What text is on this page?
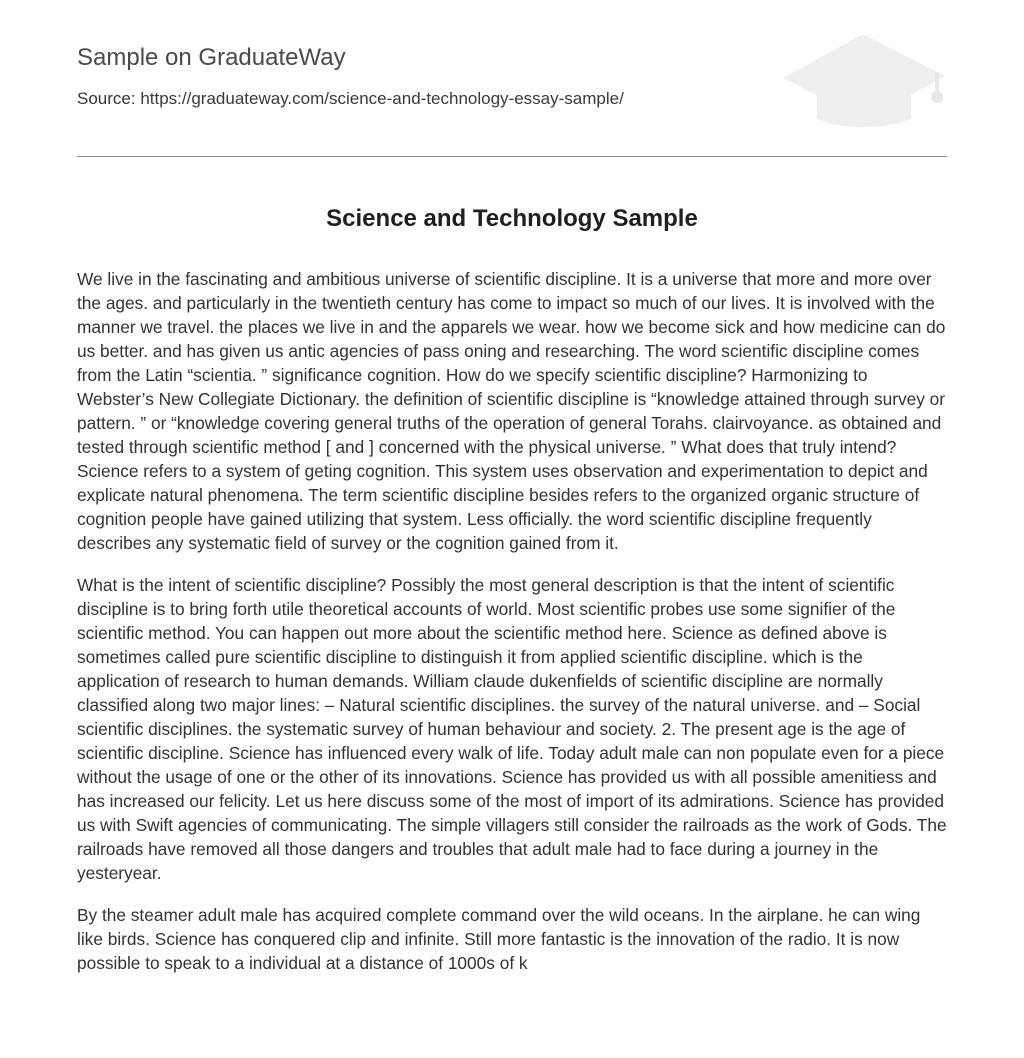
Sample on GraduateWay
Source: https://graduateway.com/science-and-technology-essay-sample/
Science and Technology Sample

We live in the fascinating and ambitious universe of scientific discipline. It is a universe that more and more over the ages. and particularly in the twentieth century has come to impact so much of our lives. It is involved with the manner we travel. the places we live in and the apparels we wear. how we become sick and how medicine can do us better. and has given us antic agencies of pass oning and researching. The word scientific discipline comes from the Latin “scientia. ” significance cognition. How do we specify scientific discipline? Harmonizing to Webster’s New Collegiate Dictionary. the definition of scientific discipline is “knowledge attained through survey or pattern. ” or “knowledge covering general truths of the operation of general Torahs. clairvoyance. as obtained and tested through scientific method [ and ] concerned with the physical universe. ” What does that truly intend? Science refers to a system of geting cognition. This system uses observation and experimentation to depict and explicate natural phenomena. The term scientific discipline besides refers to the organized organic structure of cognition people have gained utilizing that system. Less officially. the word scientific discipline frequently describes any systematic field of survey or the cognition gained from it.

What is the intent of scientific discipline? Possibly the most general description is that the intent of scientific discipline is to bring forth utile theoretical accounts of world. Most scientific probes use some signifier of the scientific method. You can happen out more about the scientific method here. Science as defined above is sometimes called pure scientific discipline to distinguish it from applied scientific discipline. which is the application of research to human demands. William claude dukenfields of scientific discipline are normally classified along two major lines: – Natural scientific disciplines. the survey of the natural universe. and – Social scientific disciplines. the systematic survey of human behaviour and society. 2. The present age is the age of scientific discipline. Science has influenced every walk of life. Today adult male can non populate even for a piece without the usage of one or the other of its innovations. Science has provided us with all possible amenitiess and has increased our felicity. Let us here discuss some of the most of import of its admirations. Science has provided us with Swift agencies of communicating. The simple villagers still consider the railroads as the work of Gods. The railroads have removed all those dangers and troubles that adult male had to face during a journey in the yesteryear.

By the steamer adult male has acquired complete command over the wild oceans. In the airplane. he can wing like birds. Science has conquered clip and infinite. Still more fantastic is the innovation of the radio. It is now possible to speak to a individual at a distance of 1000s of k
